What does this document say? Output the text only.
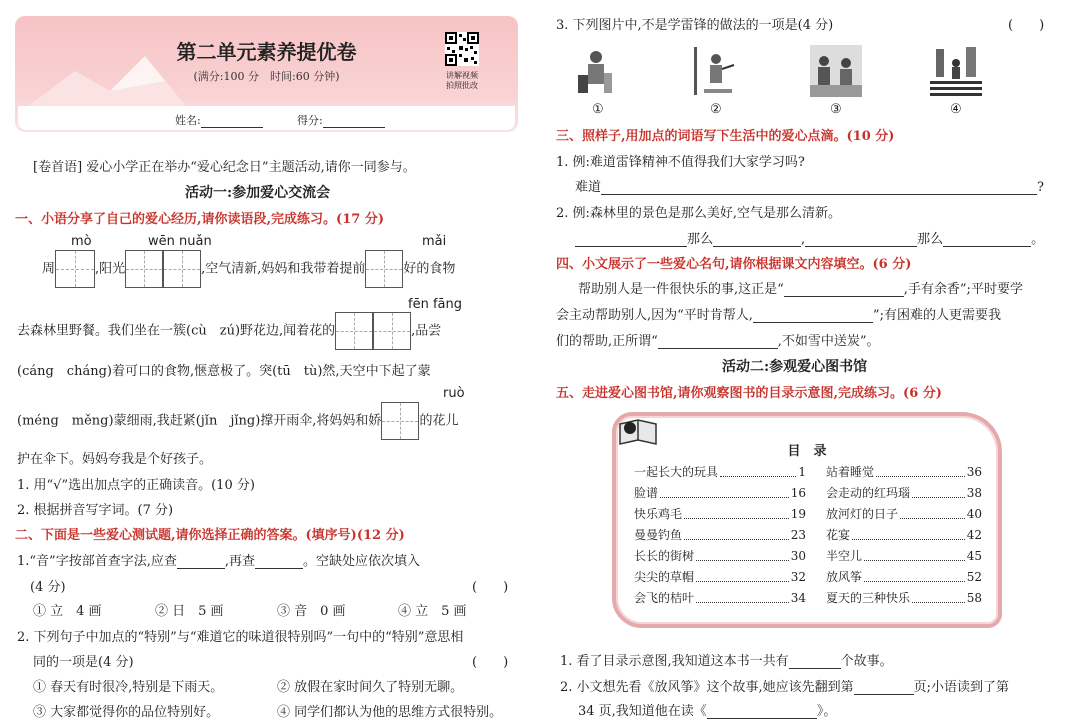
第二单元素养提优卷
(满分:100 分　时间:60 分钟)	讲解视频
拍照批改
姓名:	得分:
[卷首语] 爱心小学正在举办“爱心纪念日”主题活动,请你一同参与。
活动一:参加爱心交流会
一、小语分享了自己的爱心经历,请你读语段,完成练习。(17 分)
mò	wēn nuǎn	mǎi
周	,阳光	,空气清新,妈妈和我带着提前	好的食物
fēn fāng
去森林里野餐。我们坐在一簇(cù　zú)野花边,闻着花的	,品尝
(cáng　cháng)着可口的食物,惬意极了。突(tū　tù)然,天空中下起了蒙
ruò
(méng　měng)蒙细雨,我赶紧(jǐn　jǐng)撑开雨伞,将妈妈和娇	的花儿
护在伞下。妈妈夸我是个好孩子。
1. 用“√”选出加点字的正确读音。(10 分)
2. 根据拼音写字词。(7 分)
二、下面是一些爱心测试题,请你选择正确的答案。(填序号)(12 分)
1.“音”字按部首查字法,应查	,再查	。空缺处应依次填入
(4 分)	(　　)
① 立　4 画	② 日　5 画	③ 音　0 画	④ 立　5 画
2. 下列句子中加点的“特别”与“难道它的味道很特别吗”一句中的“特别”意思相
同的一项是(4 分)	(　　)
① 春天有时很冷,特别是下雨天。	② 放假在家时间久了特别无聊。
③ 大家都觉得你的品位特别好。	④ 同学们都认为他的思维方式很特别。
3. 下列图片中,不是学雷锋的做法的一项是(4 分)	(　　)
①	②	③	④
三、照样子,用加点的词语写下生活中的爱心点滴。(10 分)
1. 例:难道雷锋精神不值得我们大家学习吗?
难道	?
2. 例:森林里的景色是那么美好,空气是那么清新。
那么	,	那么	。
四、小文展示了一些爱心名句,请你根据课文内容填空。(6 分)
帮助别人是一件很快乐的事,这正是“	,手有余香”;平时要学
会主动帮助别人,因为“平时肯帮人,	”;有困难的人更需要我
们的帮助,正所谓“	,不如雪中送炭”。
活动二:参观爱心图书馆
五、走进爱心图书馆,请你观察图书的目录示意图,完成练习。(6 分)
目　录
一起长大的玩具	1
脸谱	16
快乐鸡毛	19
曼曼钓鱼	23
长长的街树	30
尖尖的草帽	32
会飞的桔叶	34
站着睡觉	36
会走动的红玛瑙	38
放河灯的日子	40
花宴	42
半空儿	45
放风筝	52
夏天的三种快乐	58
1. 看了目录示意图,我知道这本书一共有	个故事。
2. 小文想先看《放风筝》这个故事,她应该先翻到第	页;小语读到了第
34 页,我知道他在读《	》。
